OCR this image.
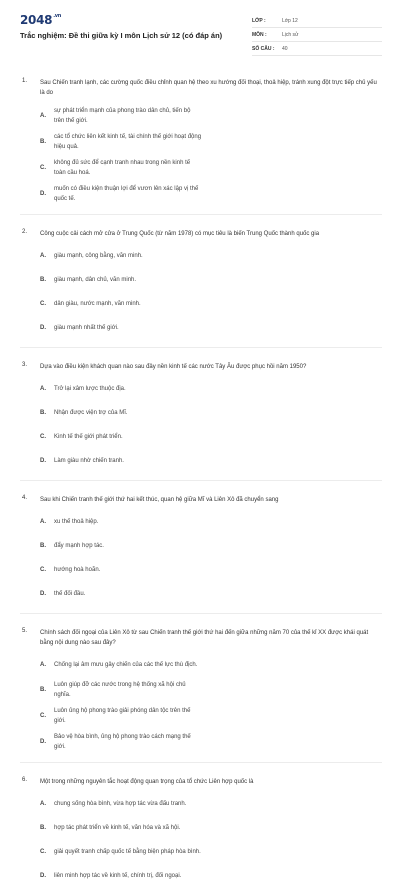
$2048^{.vn}$
Trắc nghiệm: Đề thi giữa kỳ I môn Lịch sử 12 (có đáp án)
LỚP :	Lớp 12
MÔN :	Lịch sử
SỐ CÂU :	40
1. Sau Chiến tranh lạnh, các cường quốc điều chỉnh quan hệ theo xu hướng đối thoại, thoả hiệp, tránh xung đột trực tiếp chủ yếu là do
A.
sự phát triển mạnh của phong trào dân chủ, tiến bộ trên thế giới.
B.
các tổ chức liên kết kinh tế, tài chính thế giới hoạt động hiệu quả.
C.
không đủ sức để cạnh tranh nhau trong nền kinh tế toàn cầu hoá.
D.
muốn có điều kiện thuận lợi để vươn lên xác lập vị thế quốc tế.
2. Công cuộc cải cách mở cửa ở Trung Quốc (từ năm 1978) có mục tiêu là biến Trung Quốc thành quốc gia
A.	giàu mạnh, công bằng, văn minh.
B.	giàu mạnh, dân chủ, văn minh.
C.	dân giàu, nước mạnh, văn minh.
D.	giàu mạnh nhất thế giới.
3. Dựa vào điều kiện khách quan nào sau đây nền kinh tế các nước Tây Âu được phục hồi năm 1950?
A.	Trở lại xâm lược thuộc địa.
B.	Nhận được viện trợ của Mĩ.
C.	Kinh tế thế giới phát triển.
D.	Làm giàu nhờ chiến tranh.
4. Sau khi Chiến tranh thế giới thứ hai kết thúc, quan hệ giữa Mĩ và Liên Xô đã chuyển sang
A.	xu thế thoả hiệp.
B.	đẩy mạnh hợp tác.
C.	hướng hoà hoãn.
D.	thế đối đầu.
5. Chính sách đối ngoại của Liên Xô từ sau Chiến tranh thế giới thứ hai đến giữa những năm 70 của thế kỉ XX được khái quát bằng nội dung nào sau đây?
A.	Chống lại âm mưu gây chiến của các thế lực thù địch.
B.
Luôn giúp đỡ các nước trong hệ thống xã hội chủ nghĩa.
C.
Luôn ủng hộ phong trào giải phóng dân tộc trên thế giới.
D.
Bảo vệ hòa bình, ủng hộ phong trào cách mạng thế giới.
6. Một trong những nguyên tắc hoạt động quan trọng của tổ chức Liên hợp quốc là
A.	chung sống hòa bình, vừa hợp tác vừa đấu tranh.
B.	hợp tác phát triển về kinh tế, văn hóa và xã hội.
C.	giải quyết tranh chấp quốc tế bằng biện pháp hòa bình.
D.	liên minh hợp tác về kinh tế, chính trị, đối ngoại.
